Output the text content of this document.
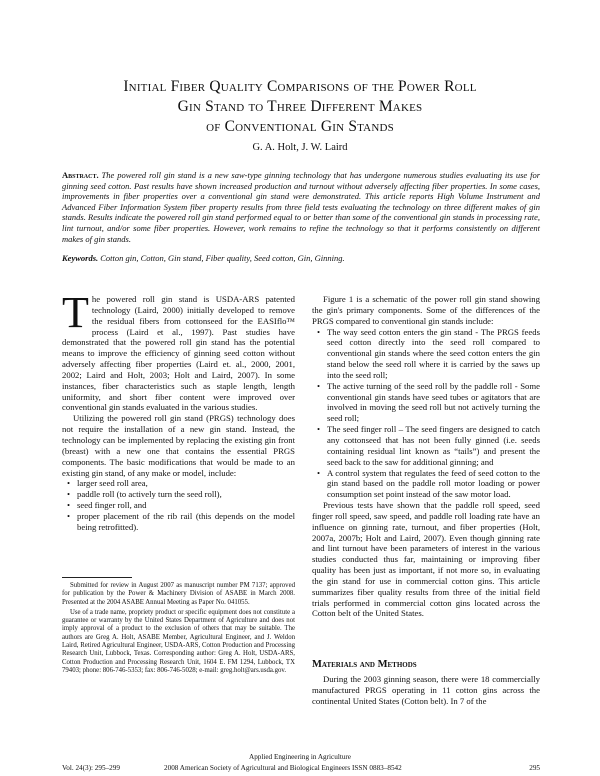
Initial Fiber Quality Comparisons of the Power Roll
Gin Stand to Three Different Makes
of Conventional Gin Stands
G. A. Holt, J. W. Laird
Abstract. The powered roll gin stand is a new saw-type ginning technology that has undergone numerous studies evaluating its use for ginning seed cotton. Past results have shown increased production and turnout without adversely affecting fiber properties. In some cases, improvements in fiber properties over a conventional gin stand were demonstrated. This article reports High Volume Instrument and Advanced Fiber Information System fiber property results from three field tests evaluating the technology on three different makes of gin stands. Results indicate the powered roll gin stand performed equal to or better than some of the conventional gin stands in processing rate, lint turnout, and/or some fiber properties. However, work remains to refine the technology so that it performs consistently on different makes of gin stands.
Keywords. Cotton gin, Cotton, Gin stand, Fiber quality, Seed cotton, Gin, Ginning.

The powered roll gin stand is USDA-ARS patented technology (Laird, 2000) initially developed to remove the residual fibers from cottonseed for the EASIflo™ process (Laird et al., 1997). Past studies have demonstrated that the powered roll gin stand has the potential means to improve the efficiency of ginning seed cotton without adversely affecting fiber properties (Laird et. al., 2000, 2001, 2002; Laird and Holt, 2003; Holt and Laird, 2007). In some instances, fiber characteristics such as staple length, length uniformity, and short fiber content were improved over conventional gin stands evaluated in the various studies.

Utilizing the powered roll gin stand (PRGS) technology does not require the installation of a new gin stand. Instead, the technology can be implemented by replacing the existing gin front (breast) with a new one that contains the essential PRGS components. The basic modifications that would be made to an existing gin stand, of any make or model, include:

• larger seed roll area,
• paddle roll (to actively turn the seed roll),
• seed finger roll, and
• proper placement of the rib rail (this depends on the model being retrofitted).

Submitted for review in August 2007 as manuscript number PM 7137; approved for publication by the Power & Machinery Division of ASABE in March 2008. Presented at the 2004 ASABE Annual Meeting as Paper No. 041055.

Use of a trade name, propriety product or specific equipment does not constitute a guarantee or warranty by the United States Department of Agriculture and does not imply approval of a product to the exclusion of others that may be suitable. The authors are Greg A. Holt, ASABE Member, Agricultural Engineer, and J. Weldon Laird, Retired Agricultural Engineer, USDA-ARS, Cotton Production and Processing Research Unit, Lubbock, Texas. Corresponding author: Greg A. Holt, USDA-ARS, Cotton Production and Processing Research Unit, 1604 E. FM 1294, Lubbock, TX 79403; phone: 806-746-5353; fax: 806-746-5028; e-mail: greg.holt@ars.usda.gov.

Figure 1 is a schematic of the power roll gin stand showing the gin's primary components. Some of the differences of the PRGS compared to conventional gin stands include:

• The way seed cotton enters the gin stand - The PRGS feeds seed cotton directly into the seed roll compared to conventional gin stands where the seed cotton enters the gin stand below the seed roll where it is carried by the saws up into the seed roll;
• The active turning of the seed roll by the paddle roll - Some conventional gin stands have seed tubes or agitators that are involved in moving the seed roll but not actively turning the seed roll;
• The seed finger roll – The seed fingers are designed to catch any cottonseed that has not been fully ginned (i.e. seeds containing residual lint known as “tails”) and present the seed back to the saw for additional ginning; and
• A control system that regulates the feed of seed cotton to the gin stand based on the paddle roll motor loading or power consumption set point instead of the saw motor load.

Previous tests have shown that the paddle roll speed, seed finger roll speed, saw speed, and paddle roll loading rate have an influence on ginning rate, turnout, and fiber properties (Holt, 2007a, 2007b; Holt and Laird, 2007). Even though ginning rate and lint turnout have been parameters of interest in the various studies conducted thus far, maintaining or improving fiber quality has been just as important, if not more so, in evaluating the gin stand for use in commercial cotton gins. This article summarizes fiber quality results from three of the initial field trials performed in commercial cotton gins located across the Cotton belt of the United States.

Materials and Methods

During the 2003 ginning season, there were 18 commercially manufactured PRGS operating in 11 cotton gins across the continental United States (Cotton belt). In 7 of the

Applied Engineering in Agriculture
Vol. 24(3): 295–299	2008 American Society of Agricultural and Biological Engineers ISSN 0883–8542	295
